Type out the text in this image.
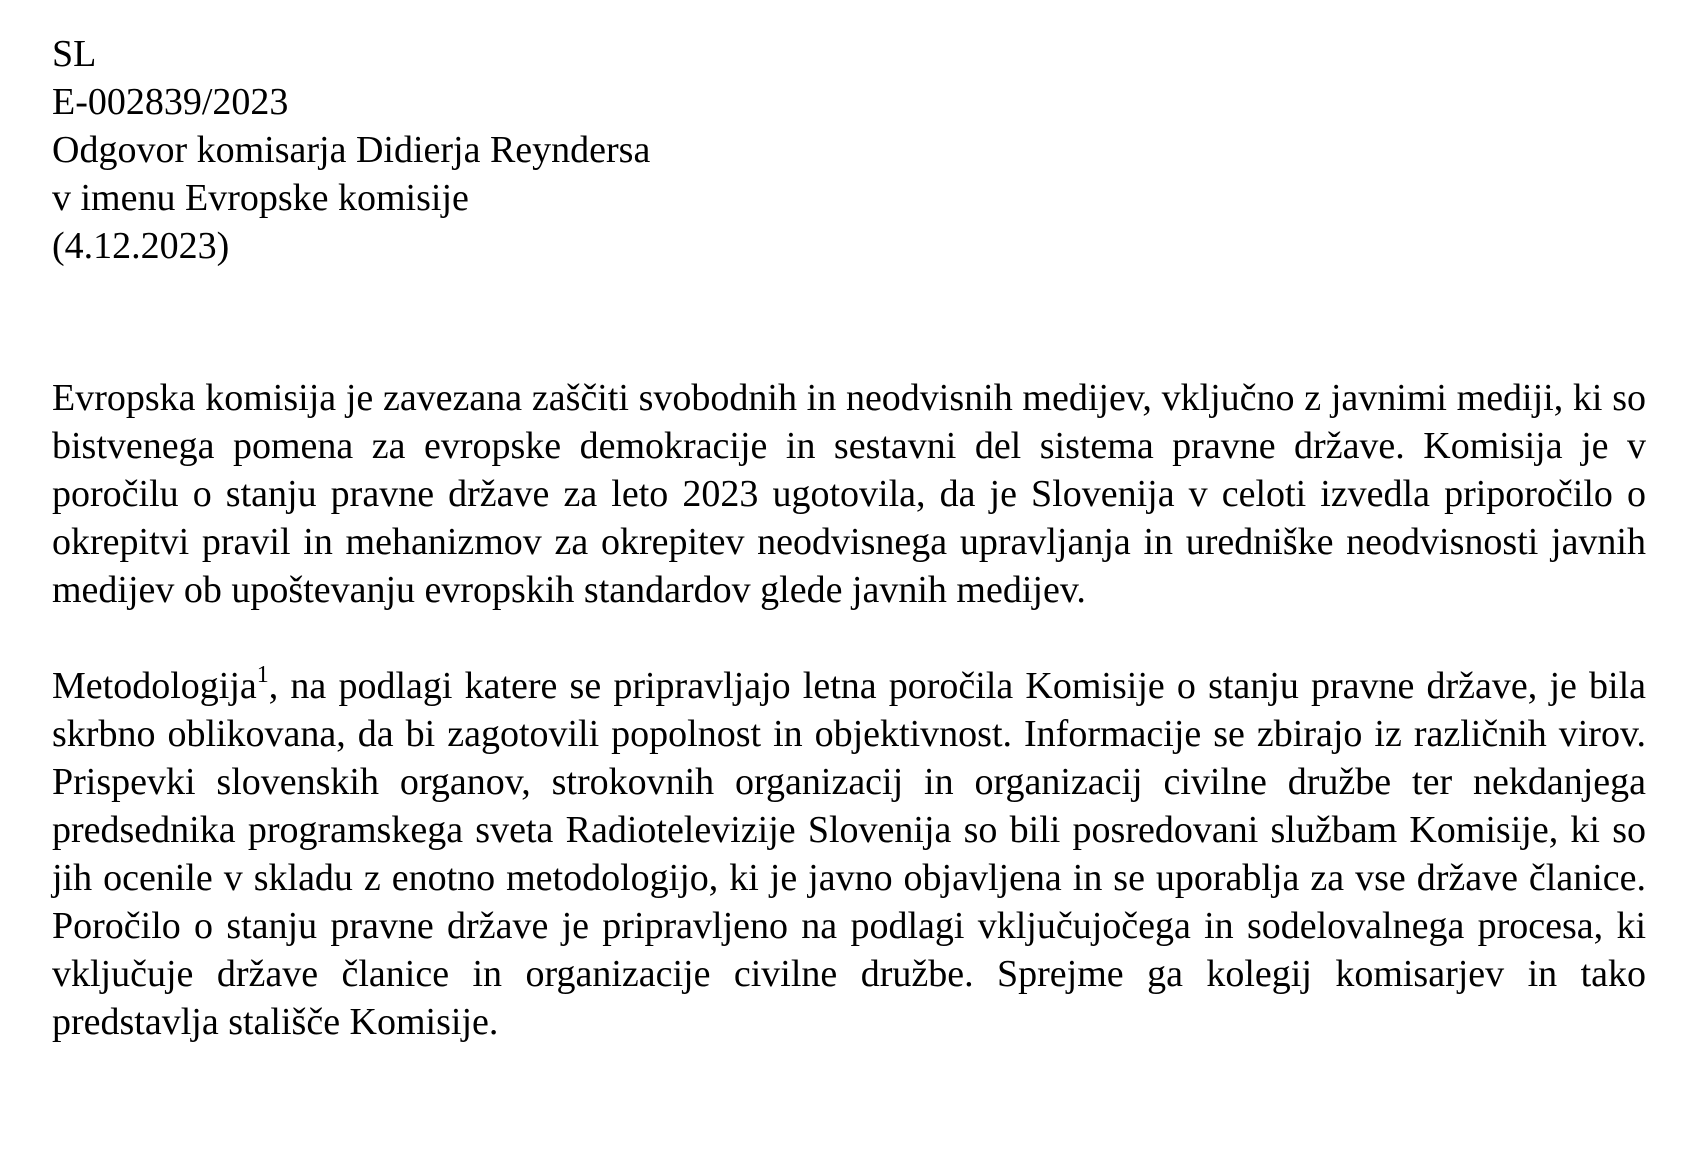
SL
E-002839/2023
Odgovor komisarja Didierja Reyndersa
v imenu Evropske komisije
(4.12.2023)

Evropska komisija je zavezana zaščiti svobodnih in neodvisnih medijev, vključno z javnimi mediji, ki so bistvenega pomena za evropske demokracije in sestavni del sistema pravne države. Komisija je v poročilu o stanju pravne države za leto 2023 ugotovila, da je Slovenija v celoti izvedla priporočilo o okrepitvi pravil in mehanizmov za okrepitev neodvisnega upravljanja in uredniške neodvisnosti javnih medijev ob upoštevanju evropskih standardov glede javnih medijev.

Metodologija$^1$, na podlagi katere se pripravljajo letna poročila Komisije o stanju pravne države, je bila skrbno oblikovana, da bi zagotovili popolnost in objektivnost. Informacije se zbirajo iz različnih virov. Prispevki slovenskih organov, strokovnih organizacij in organizacij civilne družbe ter nekdanjega predsednika programskega sveta Radiotelevizije Slovenija so bili posredovani službam Komisije, ki so jih ocenile v skladu z enotno metodologijo, ki je javno objavljena in se uporablja za vse države članice. Poročilo o stanju pravne države je pripravljeno na podlagi vključujočega in sodelovalnega procesa, ki vključuje države članice in organizacije civilne družbe. Sprejme ga kolegij komisarjev in tako predstavlja stališče Komisije.
